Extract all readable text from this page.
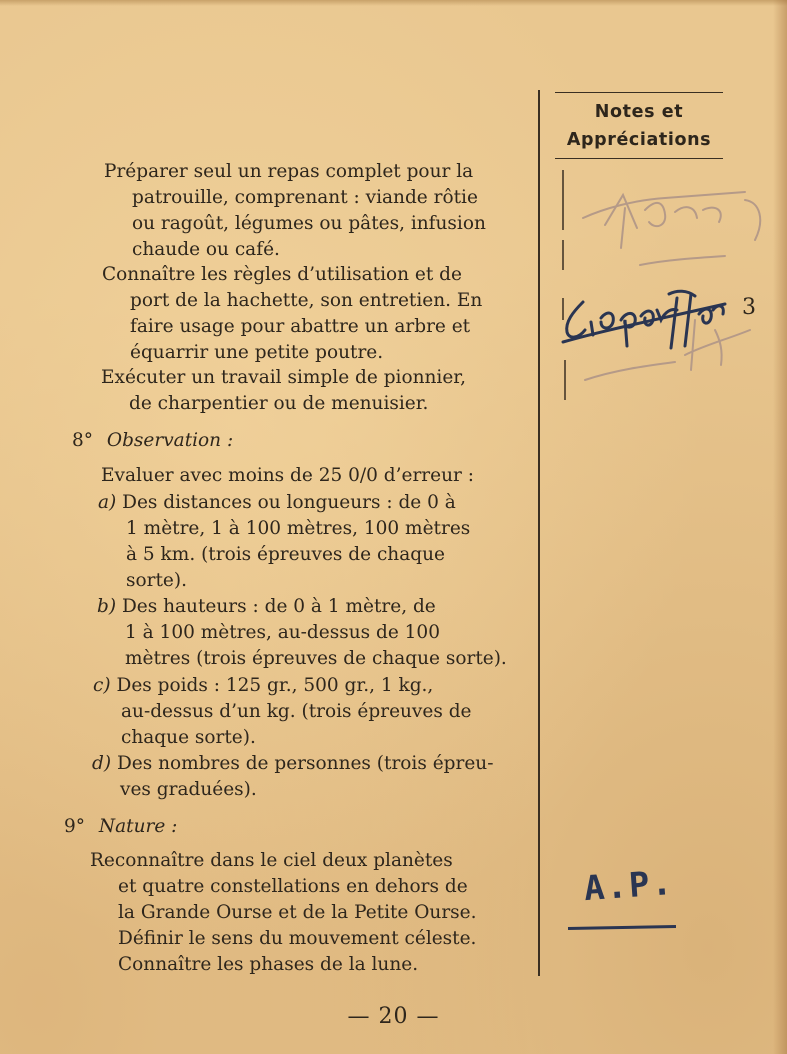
Notes et
Appréciations
Préparer seul un repas complet pour la
patrouille, comprenant : viande rôtie
ou ragoût, légumes ou pâtes, infusion
chaude ou café.
Connaître les règles d’utilisation et de
port de la hachette, son entretien. En
faire usage pour abattre un arbre et
équarrir une petite poutre.
Exécuter un travail simple de pionnier,
de charpentier ou de menuisier.
8° Observation :
Evaluer avec moins de 25 0/0 d’erreur :
a) Des distances ou longueurs : de 0 à
1 mètre, 1 à 100 mètres, 100 mètres
à 5 km. (trois épreuves de chaque
sorte).
b) Des hauteurs : de 0 à 1 mètre, de
1 à 100 mètres, au-dessus de 100
mètres (trois épreuves de chaque sorte).
c) Des poids : 125 gr., 500 gr., 1 kg.,
au-dessus d’un kg. (trois épreuves de
chaque sorte).
d) Des nombres de personnes (trois épreu-
ves graduées).
9° Nature :
Reconnaître dans le ciel deux planètes
et quatre constellations en dehors de
la Grande Ourse et de la Petite Ourse.
Définir le sens du mouvement céleste.
Connaître les phases de la lune.
3
A.P.
— 20 —
